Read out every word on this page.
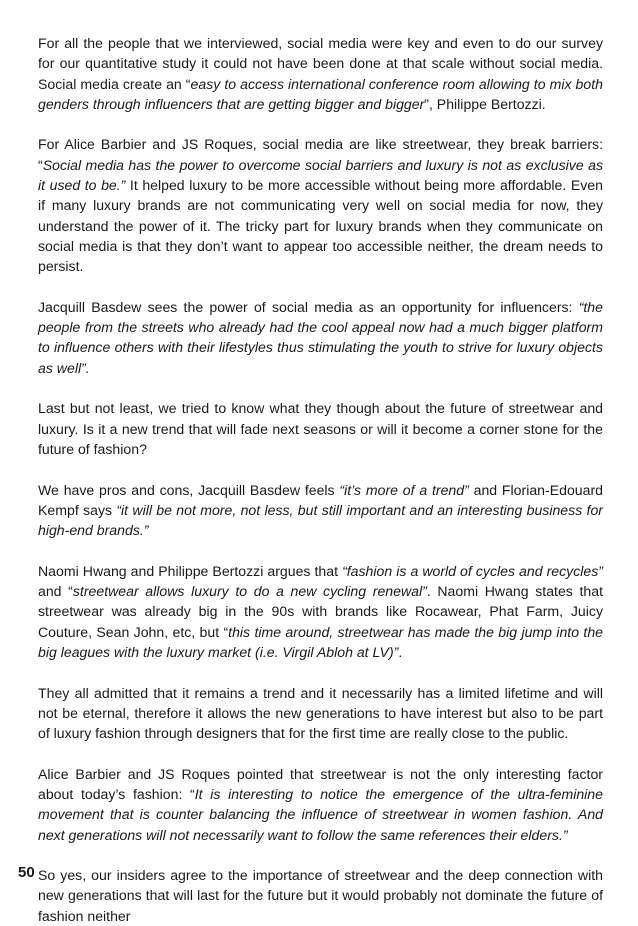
For all the people that we interviewed, social media were key and even to do our survey for our quantitative study it could not have been done at that scale without social media. Social media create an “easy to access international conference room allowing to mix both genders through influencers that are getting bigger and bigger”, Philippe Bertozzi.

For Alice Barbier and JS Roques, social media are like streetwear, they break barriers: “Social media has the power to overcome social barriers and luxury is not as exclusive as it used to be.” It helped luxury to be more accessible without being more affordable. Even if many luxury brands are not communicating very well on social media for now, they understand the power of it. The tricky part for luxury brands when they communicate on social media is that they don’t want to appear too accessible neither, the dream needs to persist.

Jacquill Basdew sees the power of social media as an opportunity for influencers: “the people from the streets who already had the cool appeal now had a much bigger platform to influence others with their lifestyles thus stimulating the youth to strive for luxury objects as well”.

Last but not least, we tried to know what they though about the future of streetwear and luxury. Is it a new trend that will fade next seasons or will it become a corner stone for the future of fashion?

We have pros and cons, Jacquill Basdew feels “it’s more of a trend” and Florian-Edouard Kempf says “it will be not more, not less, but still important and an interesting business for high-end brands.”

Naomi Hwang and Philippe Bertozzi argues that “fashion is a world of cycles and recycles” and “streetwear allows luxury to do a new cycling renewal”. Naomi Hwang states that streetwear was already big in the 90s with brands like Rocawear, Phat Farm, Juicy Couture, Sean John, etc, but “this time around, streetwear has made the big jump into the big leagues with the luxury market (i.e. Virgil Abloh at LV)”.

They all admitted that it remains a trend and it necessarily has a limited lifetime and will not be eternal, therefore it allows the new generations to have interest but also to be part of luxury fashion through designers that for the first time are really close to the public.

Alice Barbier and JS Roques pointed that streetwear is not the only interesting factor about today’s fashion: “It is interesting to notice the emergence of the ultra-feminine movement that is counter balancing the influence of streetwear in women fashion. And next generations will not necessarily want to follow the same references their elders.”

So yes, our insiders agree to the importance of streetwear and the deep connection with new generations that will last for the future but it would probably not dominate the future of fashion neither

50
